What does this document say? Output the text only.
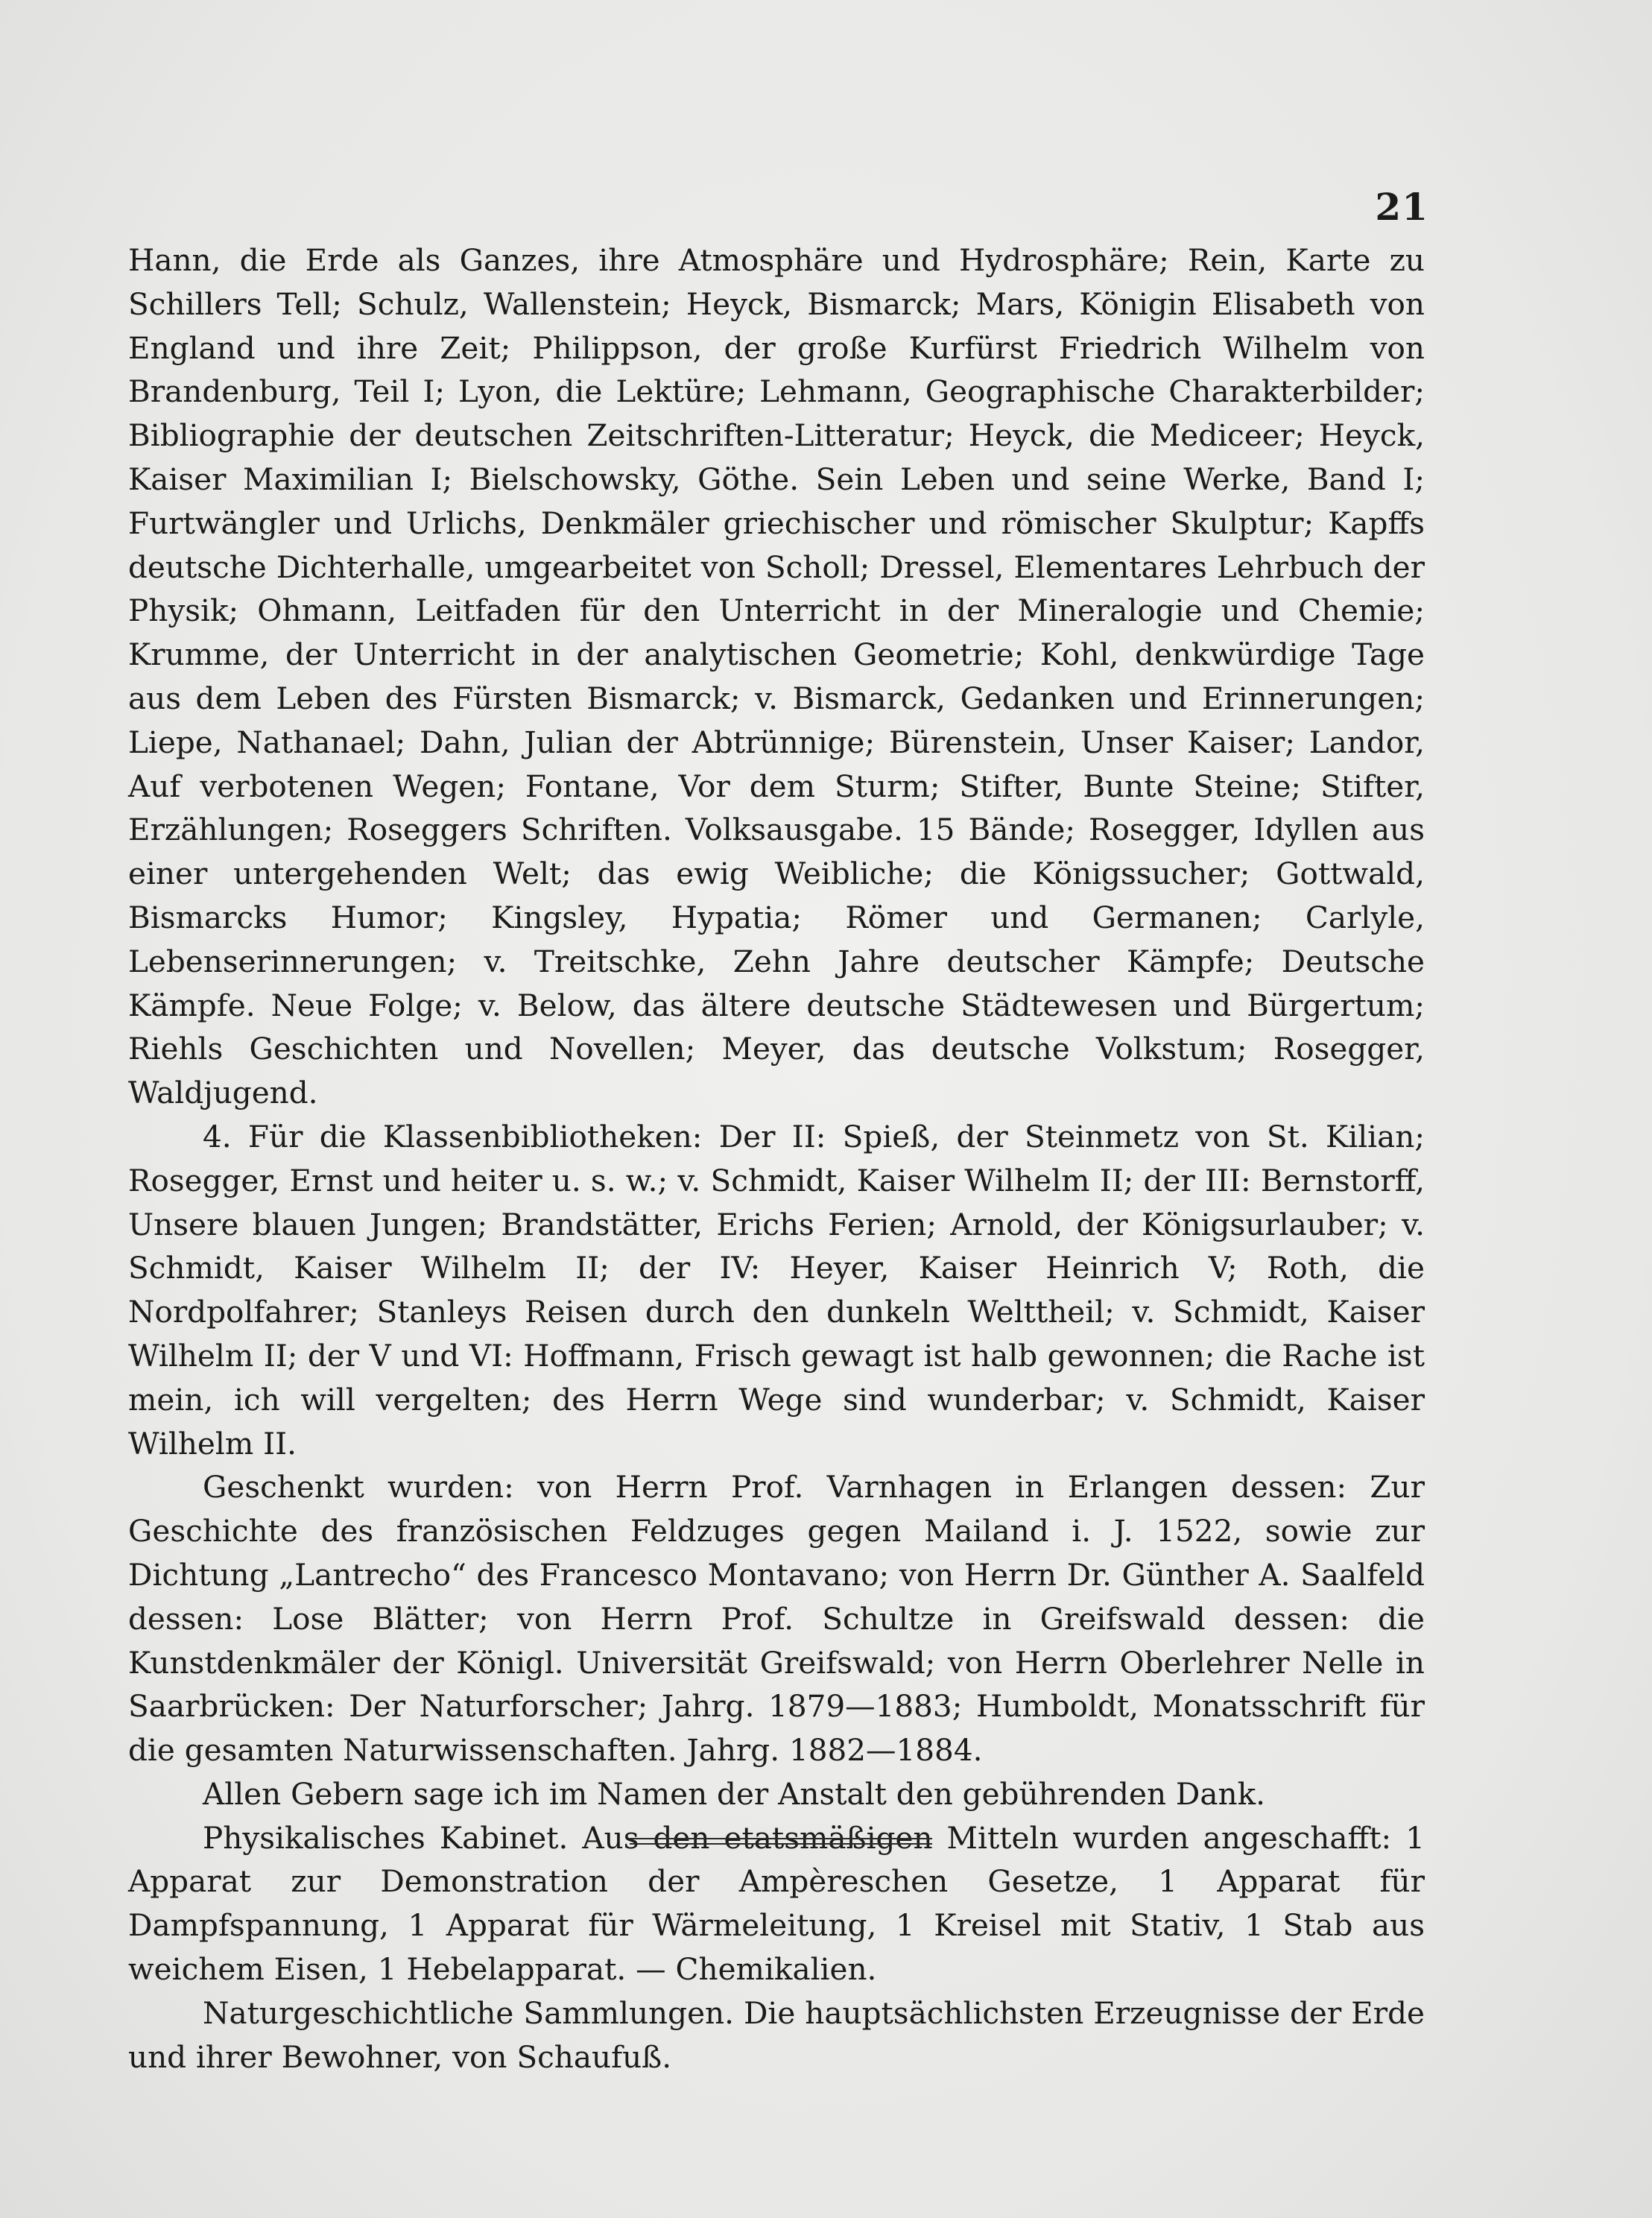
21

Hann, die Erde als Ganzes, ihre Atmosphäre und Hydrosphäre; Rein, Karte zu Schillers Tell; Schulz, Wallenstein; Heyck, Bismarck; Mars, Königin Elisabeth von England und ihre Zeit; Philippson, der große Kurfürst Friedrich Wilhelm von Brandenburg, Teil I; Lyon, die Lektüre; Lehmann, Geographische Charakterbilder; Bibliographie der deutschen Zeitschriften-Litteratur; Heyck, die Mediceer; Heyck, Kaiser Maximilian I; Bielschowsky, Göthe. Sein Leben und seine Werke, Band I; Furtwängler und Urlichs, Denkmäler griechischer und römischer Skulptur; Kapffs deutsche Dichterhalle, umgearbeitet von Scholl; Dressel, Elementares Lehrbuch der Physik; Ohmann, Leitfaden für den Unterricht in der Mineralogie und Chemie; Krumme, der Unterricht in der analytischen Geometrie; Kohl, denkwürdige Tage aus dem Leben des Fürsten Bismarck; v. Bismarck, Gedanken und Erinnerungen; Liepe, Nathanael; Dahn, Julian der Abtrünnige; Bürenstein, Unser Kaiser; Landor, Auf verbotenen Wegen; Fontane, Vor dem Sturm; Stifter, Bunte Steine; Stifter, Erzählungen; Roseggers Schriften. Volksausgabe. 15 Bände; Rosegger, Idyllen aus einer untergehenden Welt; das ewig Weibliche; die Königssucher; Gottwald, Bismarcks Humor; Kingsley, Hypatia; Römer und Germanen; Carlyle, Lebenserinnerungen; v. Treitschke, Zehn Jahre deutscher Kämpfe; Deutsche Kämpfe. Neue Folge; v. Below, das ältere deutsche Städtewesen und Bürgertum; Riehls Geschichten und Novellen; Meyer, das deutsche Volkstum; Rosegger, Waldjugend.

4. Für die Klassenbibliotheken: Der II: Spieß, der Steinmetz von St. Kilian; Rosegger, Ernst und heiter u. s. w.; v. Schmidt, Kaiser Wilhelm II; der III: Bernstorff, Unsere blauen Jungen; Brandstätter, Erichs Ferien; Arnold, der Königsurlauber; v. Schmidt, Kaiser Wilhelm II; der IV: Heyer, Kaiser Heinrich V; Roth, die Nordpolfahrer; Stanleys Reisen durch den dunkeln Welttheil; v. Schmidt, Kaiser Wilhelm II; der V und VI: Hoffmann, Frisch gewagt ist halb gewonnen; die Rache ist mein, ich will vergelten; des Herrn Wege sind wunderbar; v. Schmidt, Kaiser Wilhelm II.

Geschenkt wurden: von Herrn Prof. Varnhagen in Erlangen dessen: Zur Geschichte des französischen Feldzuges gegen Mailand i. J. 1522, sowie zur Dichtung „Lantrecho“ des Francesco Montavano; von Herrn Dr. Günther A. Saalfeld dessen: Lose Blätter; von Herrn Prof. Schultze in Greifswald dessen: die Kunstdenkmäler der Königl. Universität Greifswald; von Herrn Oberlehrer Nelle in Saarbrücken: Der Naturforscher; Jahrg. 1879—1883; Humboldt, Monatsschrift für die gesamten Naturwissenschaften. Jahrg. 1882—1884.

Allen Gebern sage ich im Namen der Anstalt den gebührenden Dank.

Physikalisches Kabinet. Aus den etatsmäßigen Mitteln wurden angeschafft: 1 Apparat zur Demonstration der Ampèreschen Gesetze, 1 Apparat für Dampfspannung, 1 Apparat für Wärmeleitung, 1 Kreisel mit Stativ, 1 Stab aus weichem Eisen, 1 Hebelapparat. — Chemikalien.

Naturgeschichtliche Sammlungen. Die hauptsächlichsten Erzeugnisse der Erde und ihrer Bewohner, von Schaufuß.
